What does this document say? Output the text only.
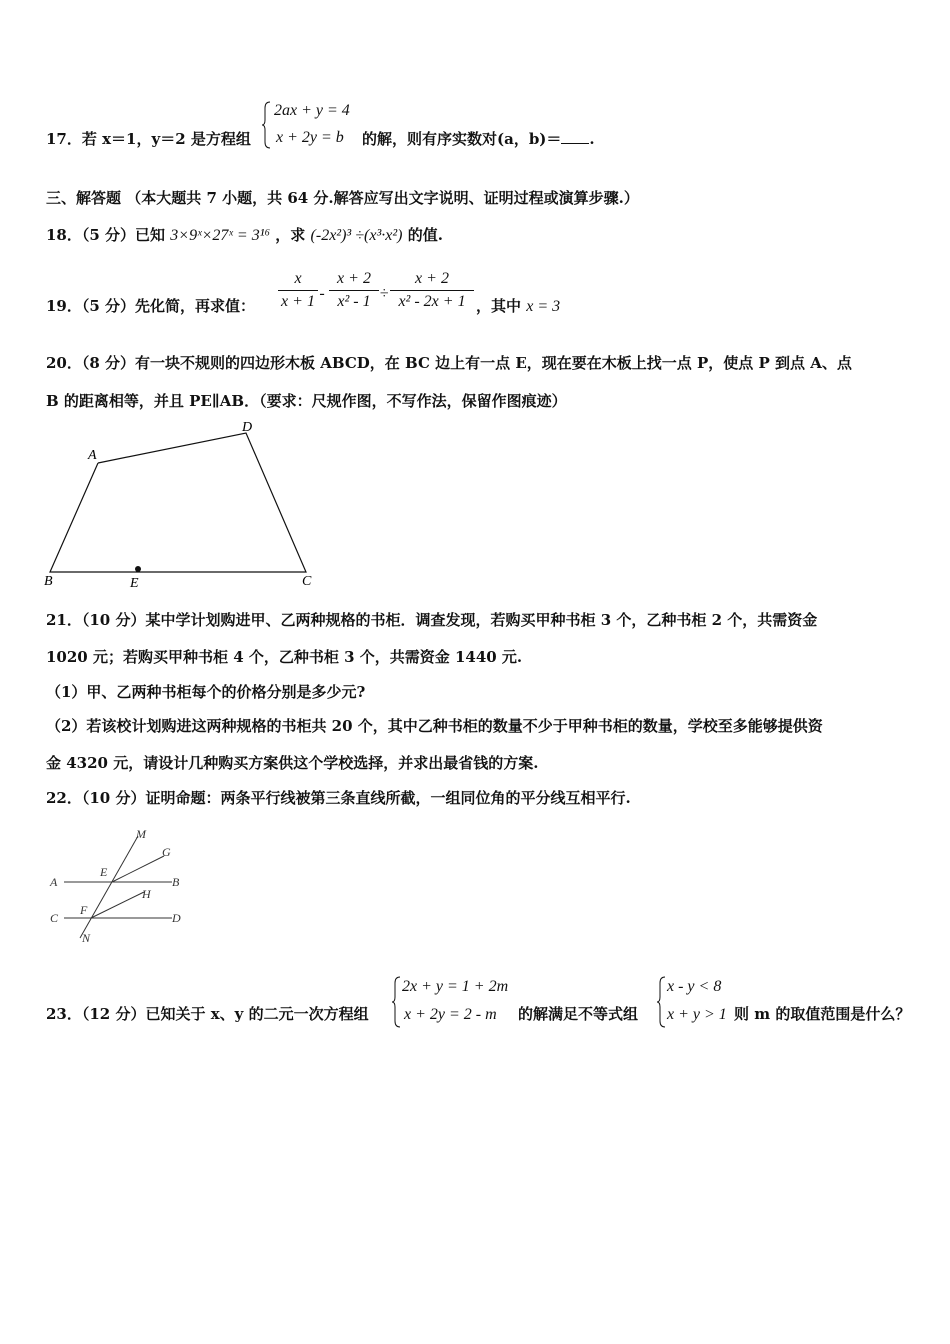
17．若 x＝1，y＝2 是方程组
2ax + y = 4
x + 2y = b 的解，则有序实数对(a，b)＝ .
三、解答题 （本大题共 7 小题，共 64 分.解答应写出文字说明、证明过程或演算步骤.）
18．（5 分）已知 3×9ˣ×27ˣ = 3¹⁶ ，求 (-2x²)³ ÷(x³·x²) 的值.
19．（5 分）先化简，再求值： $\frac{x}{x + 1} - \frac{x + 2}{\text{x² - 1}} \div \frac{x + 2}{\text{x² - 2x + 1}}$ ，其中 x = 3
20．（8 分）有一块不规则的四边形木板 ABCD，在 BC 边上有一点 E，现在要在木板上找一点 P，使点 P 到点 A、点
B 的距离相等，并且 PE∥AB．（要求：尺规作图，不写作法，保留作图痕迹）
A
D
B	E	C
21．（10 分）某中学计划购进甲、乙两种规格的书柜．调查发现，若购买甲种书柜 3 个，乙种书柜 2 个，共需资金
1020 元；若购买甲种书柜 4 个，乙种书柜 3 个，共需资金 1440 元.
（1）甲、乙两种书柜每个的价格分别是多少元?
（2）若该校计划购进这两种规格的书柜共 20 个，其中乙种书柜的数量不少于甲种书柜的数量，学校至多能够提供资
金 4320 元，请设计几种购买方案供这个学校选择，并求出最省钱的方案.
22．（10 分）证明命题：两条平行线被第三条直线所截，一组同位角的平分线互相平行.
M
G
A
E
B
H
C
F
D
N
23．（12 分）已知关于 x、y 的二元一次方程组
2x + y = 1 + 2m
x + 2y = 2 - m 的解满足不等式组
x - y < 8
x + y > 1 则 m 的取值范围是什么？
